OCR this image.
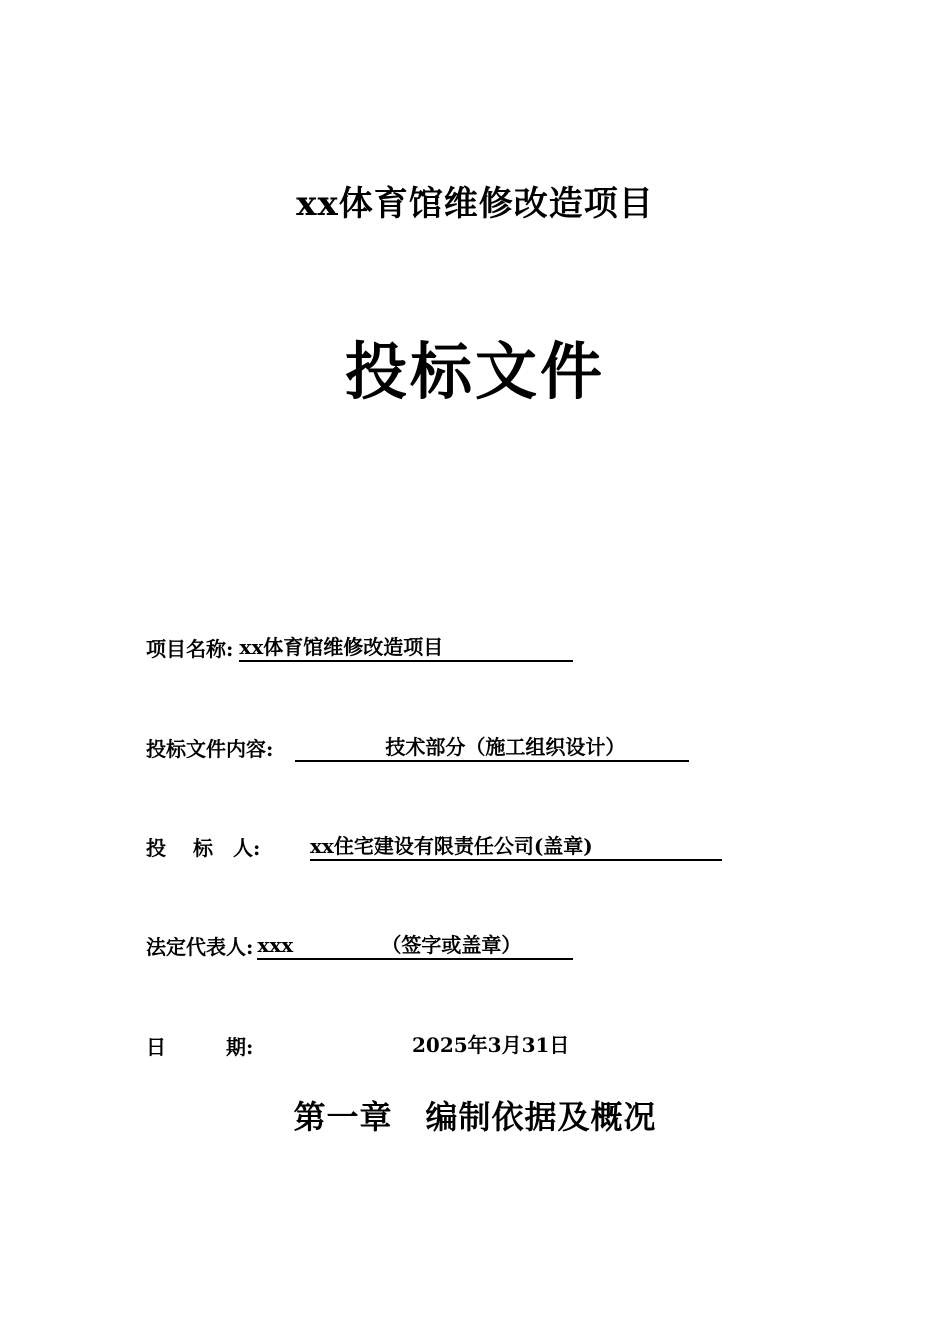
xx体育馆维修改造项目
投标文件
项目名称: xx体育馆维修改造项目
投标文件内容:	技术部分（施工组织设计）
投　 标　人:	xx住宅建设有限责任公司(盖章)
法定代表人: xxx	（签字或盖章）
日　　　期:	2025年3月31日
第一章　编制依据及概况
